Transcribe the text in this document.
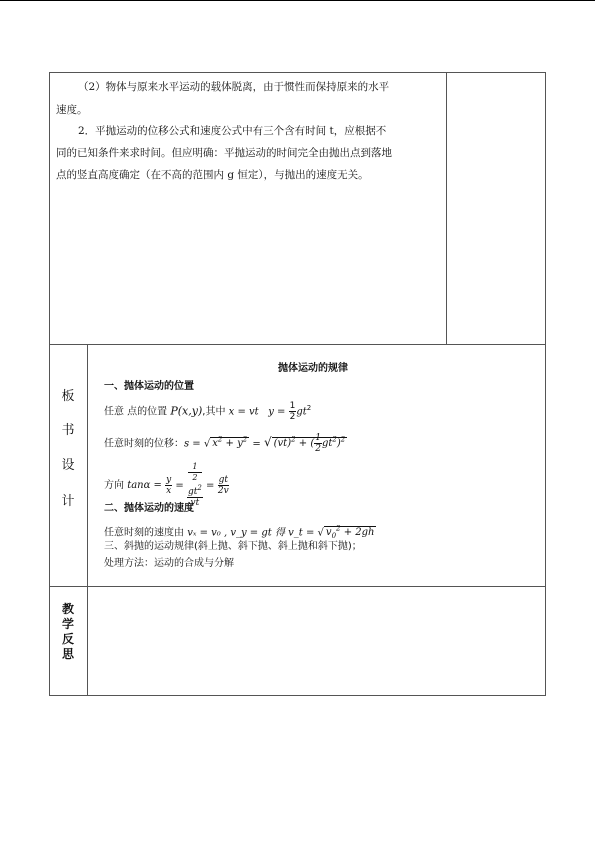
（2）物体与原来水平运动的载体脱离，由于惯性而保持原来的水平
速度。
2．平抛运动的位移公式和速度公式中有三个含有时间 t，应根据不
同的已知条件来求时间。但应明确：平抛运动的时间完全由抛出点到落地
点的竖直高度确定（在不高的范围内 g 恒定），与抛出的速度无关。
板
书
设
计
抛体运动的规律
一、抛体运动的位置
任意 点的位置 P(x,y),其中 x = vt $y = \frac{1}{2} gt^2$
任意时刻的位移：s = √ $x^2 + y^2$ = √ (vt)$^2$ + ( $\frac{1}{2} gt^2)^2$
方向 $\tan\alpha = \frac{y}{x} = 1$
2
$gt^2$
vt = $\frac{gt}{2v}$
二、抛体运动的速度
任意时刻的速度由 vₓ = v₀ , v_y = gt 得 v_t = √ $v_0^2 + 2gh$
三、斜抛的运动规律(斜上抛、斜下抛、斜上抛和斜下抛)；
处理方法：运动的合成与分解
教
学
反
思
